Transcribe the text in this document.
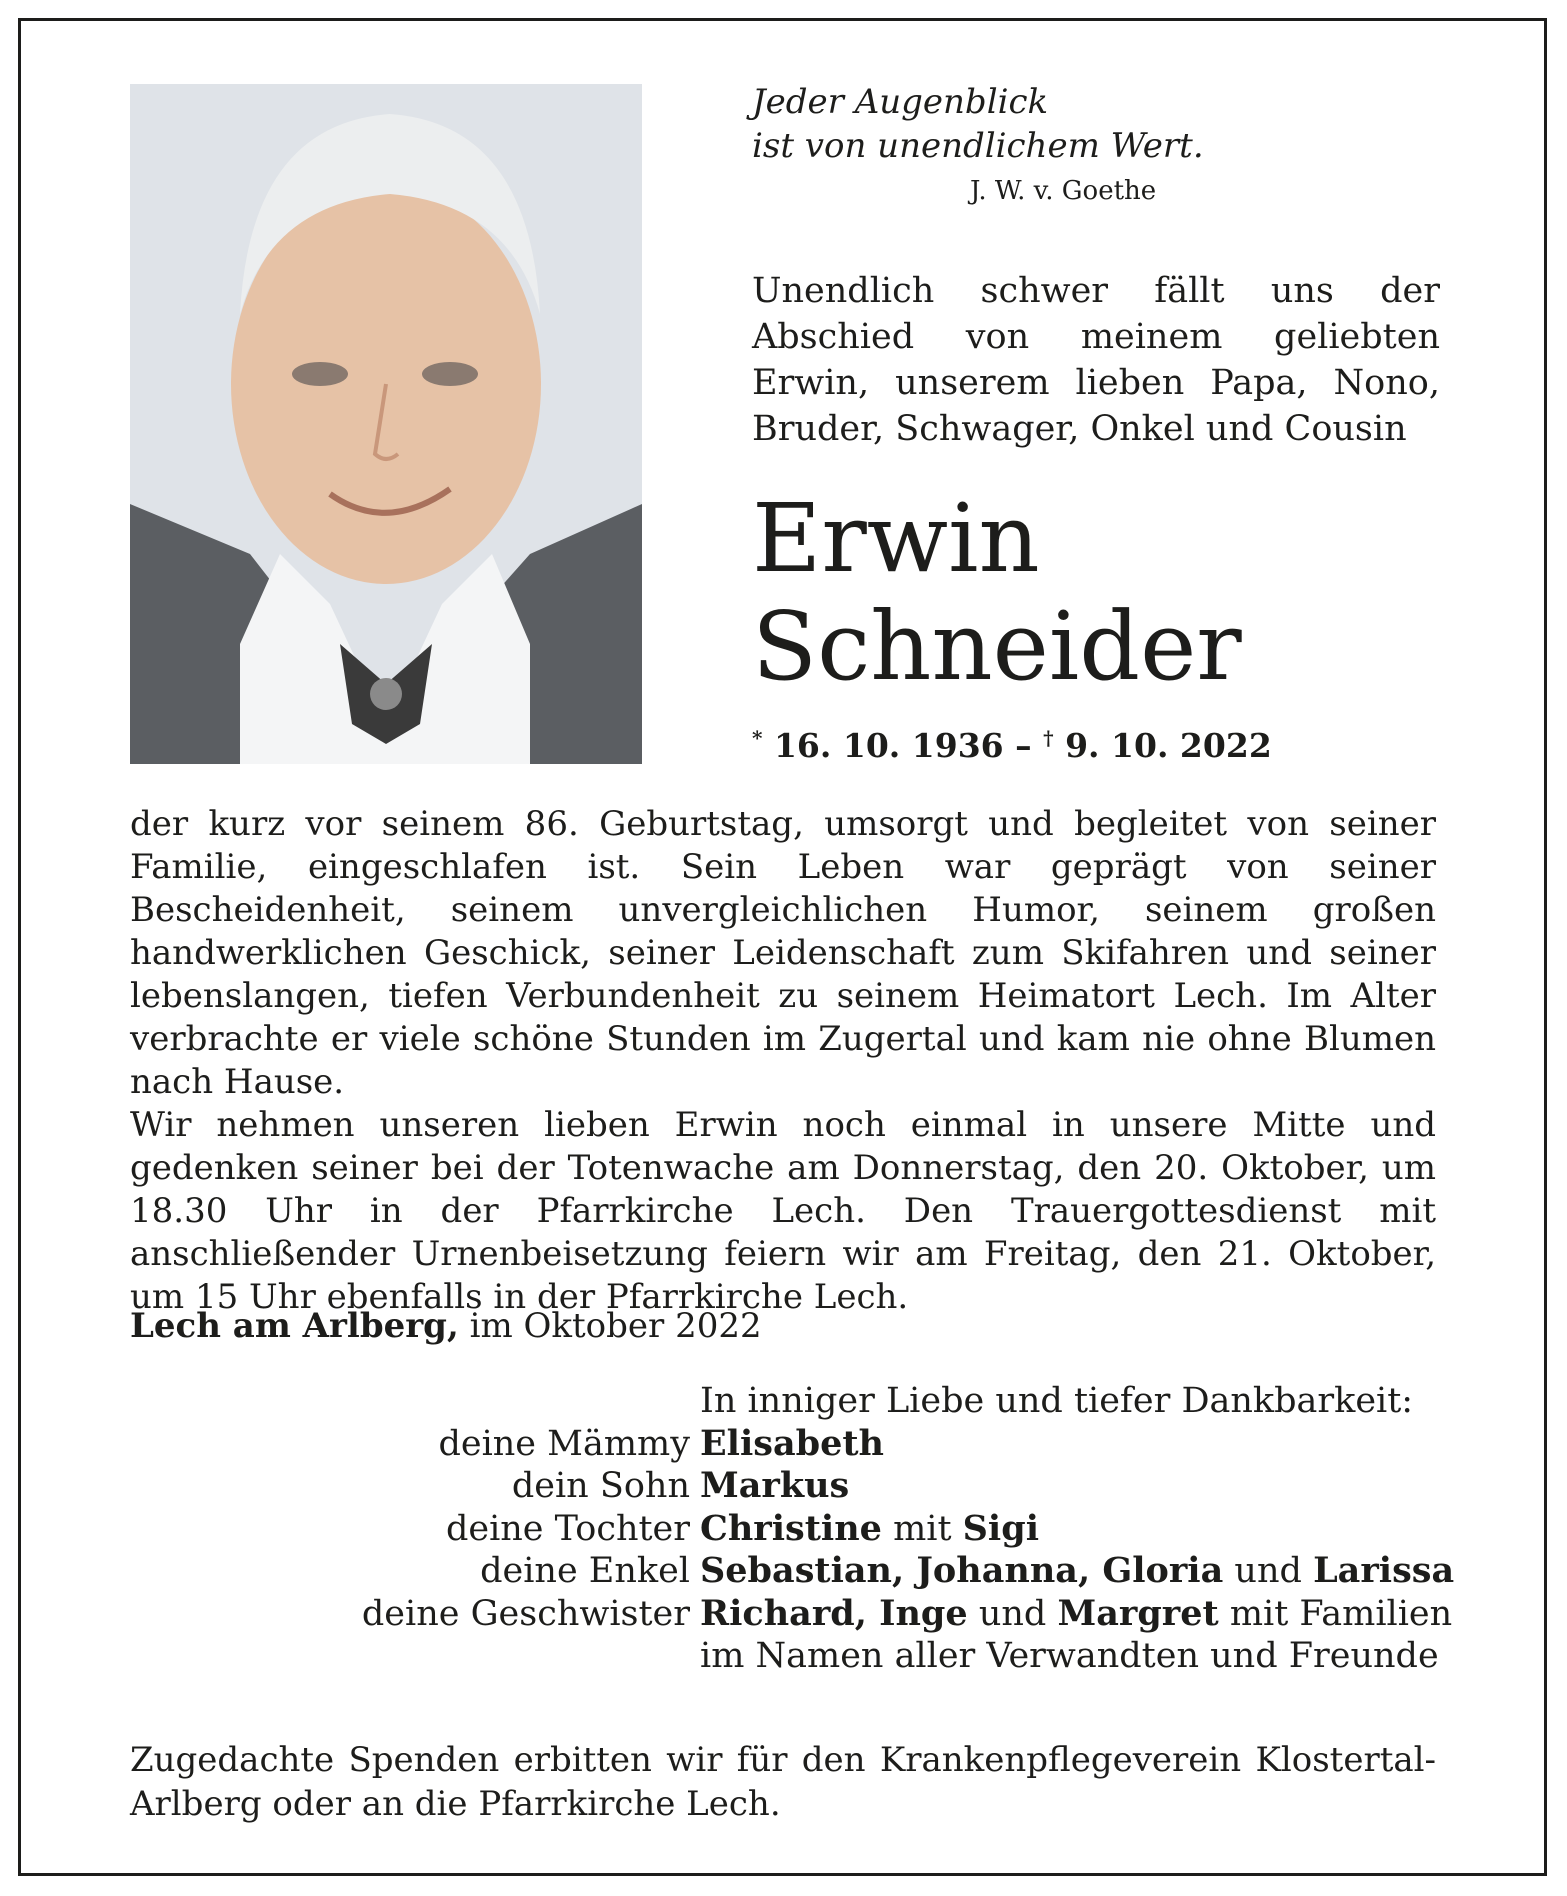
Jeder Augenblick
ist von unendlichem Wert.
J. W. v. Goethe
Unendlich schwer fällt uns der Abschied von meinem geliebten Erwin, unserem lieben Papa, Nono, Bruder, Schwager, Onkel und Cousin
Erwin
Schneider
* 16. 10. 1936 – † 9. 10. 2022

der kurz vor seinem 86. Geburtstag, umsorgt und begleitet von seiner Familie, eingeschlafen ist. Sein Leben war geprägt von seiner Bescheidenheit, seinem unvergleichlichen Humor, seinem großen handwerklichen Geschick, seiner Leidenschaft zum Skifahren und seiner lebenslangen, tiefen Verbundenheit zu seinem Heimatort Lech. Im Alter verbrachte er viele schöne Stunden im Zugertal und kam nie ohne Blumen nach Hause.

Wir nehmen unseren lieben Erwin noch einmal in unsere Mitte und gedenken seiner bei der Totenwache am Donnerstag, den 20. Oktober, um 18.30 Uhr in der Pfarrkirche Lech. Den Trauergottesdienst mit anschließender Urnenbeisetzung feiern wir am Freitag, den 21. Oktober, um 15 Uhr ebenfalls in der Pfarrkirche Lech.

Lech am Arlberg, im Oktober 2022
In inniger Liebe und tiefer Dankbarkeit:
deine Mämmy Elisabeth
dein Sohn Markus
deine Tochter Christine mit Sigi
deine Enkel Sebastian, Johanna, Gloria und Larissa
deine Geschwister Richard, Inge und Margret mit Familien
im Namen aller Verwandten und Freunde
Zugedachte Spenden erbitten wir für den Krankenpflegeverein Klostertal-Arlberg oder an die Pfarrkirche Lech.
